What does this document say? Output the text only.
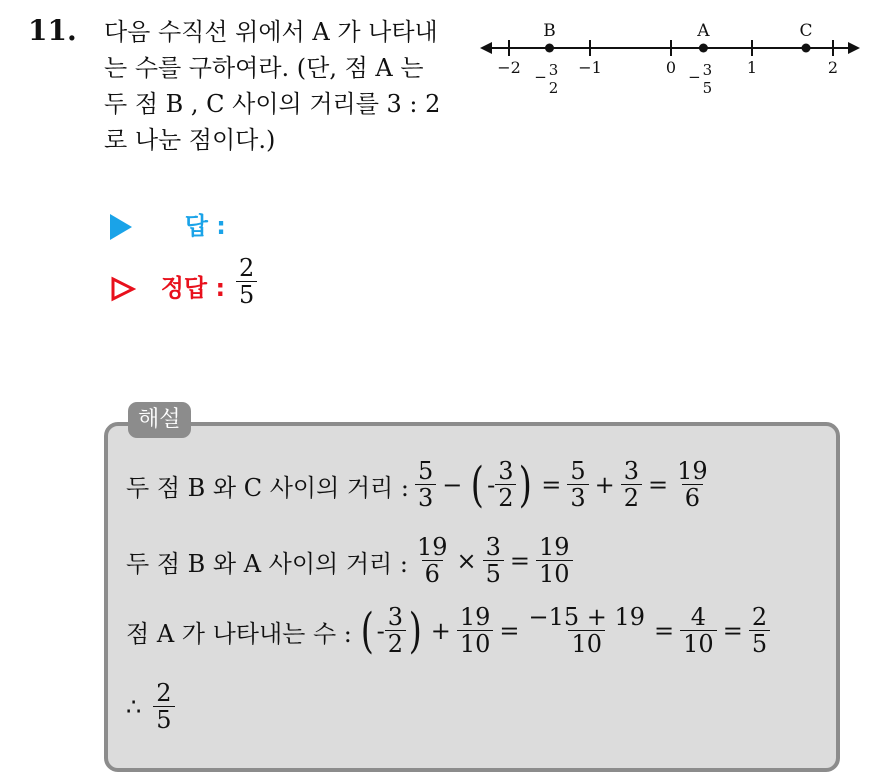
11. 다음 수직선 위에서 A 가 나타내
는 수를 구하여라. (단, 점 A 는
두 점 B , C 사이의 거리를 3 : 2
로 나눈 점이다.)
−2	−1	0	1	2
B
− 3
2
A
− 3
5
C
답 :
정답 : $\frac{2}{5}$
해설
두 점 B 와 C 사이의 거리 : $\frac{5}{3}$ − ( - $\frac{3}{2}$ ) = $\frac{5}{3} + \frac{3}{2} = \frac{19}{6}$
두 점 B 와 A 사이의 거리 : $\frac{19}{6} \times \frac{3}{5} = \frac{19}{10}$
점 A 가 나타내는 수 : ( - $\frac{3}{2}$ ) + $\frac{19}{10} = \frac{-15 + 19}{10} = \frac{4}{10} = \frac{2}{5}$
∴ $\frac{2}{5}$
